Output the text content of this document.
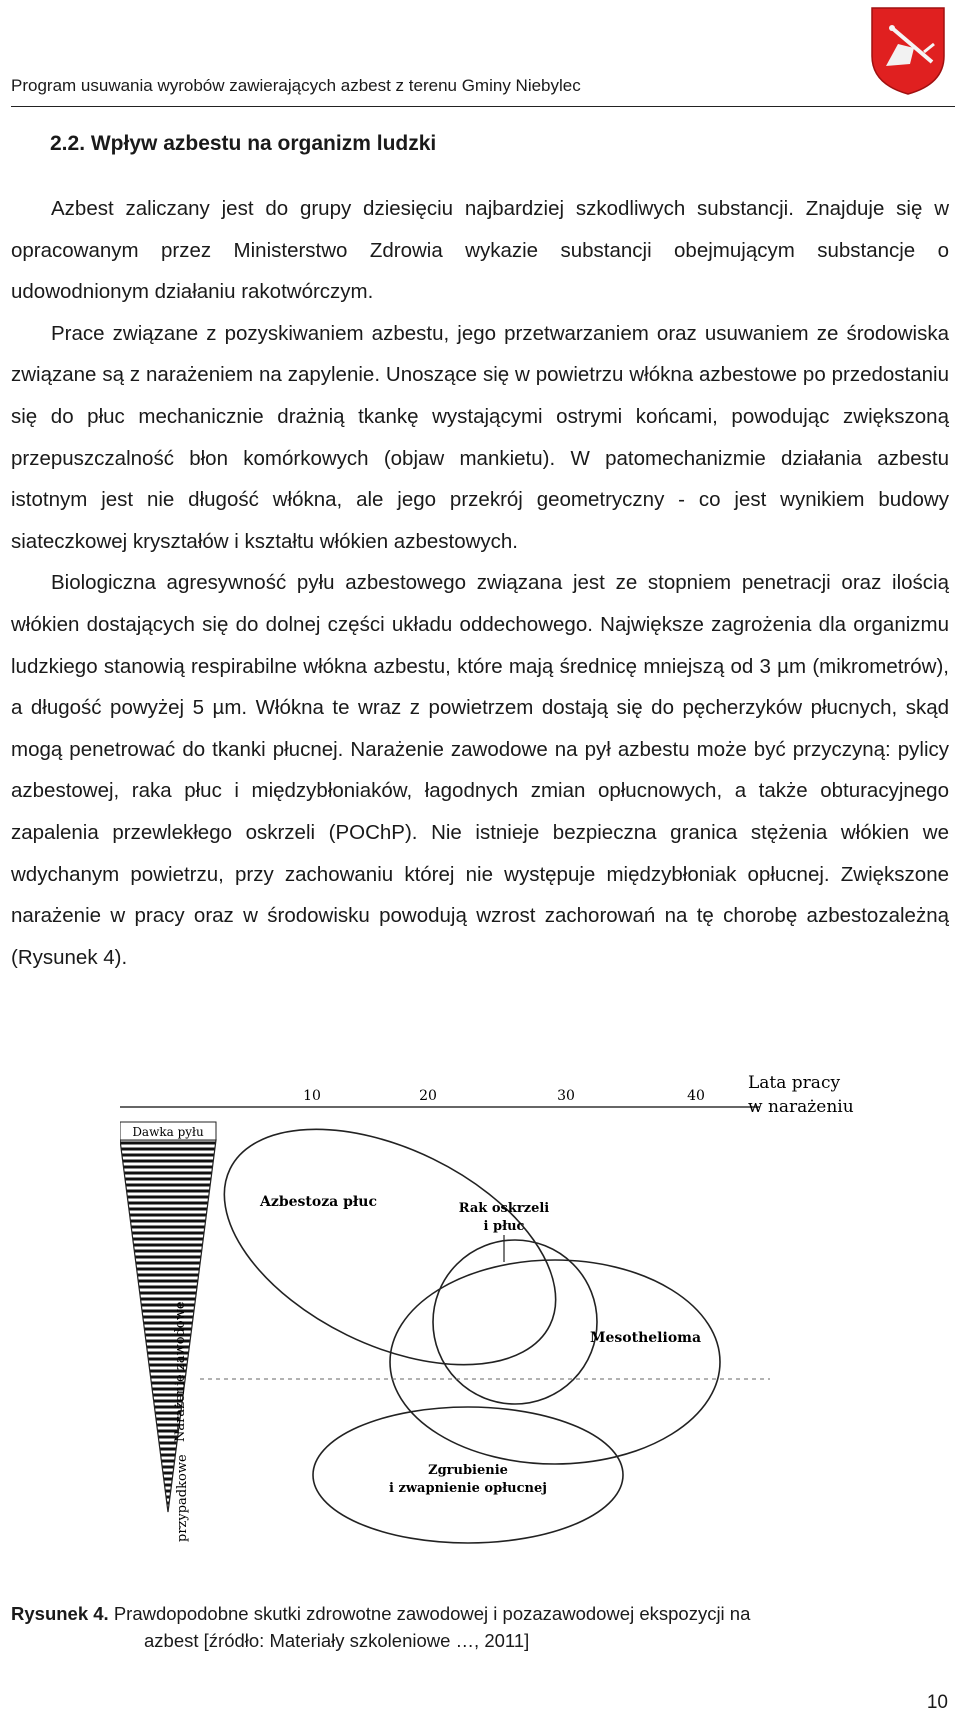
Program usuwania wyrobów zawierających azbest z terenu Gminy Niebylec
2.2. Wpływ azbestu na organizm ludzki

Azbest zaliczany jest do grupy dziesięciu najbardziej szkodliwych substancji. Znajduje się w opracowanym przez Ministerstwo Zdrowia wykazie substancji obejmującym substancje o udowodnionym działaniu rakotwórczym.

Prace związane z pozyskiwaniem azbestu, jego przetwarzaniem oraz usuwaniem ze środowiska związane są z narażeniem na zapylenie. Unoszące się w powietrzu włókna azbestowe po przedostaniu się do płuc mechanicznie drażnią tkankę wystającymi ostrymi końcami, powodując zwiększoną przepuszczalność błon komórkowych (objaw mankietu). W patomechanizmie działania azbestu istotnym jest nie długość włókna, ale jego przekrój geometryczny - co jest wynikiem budowy siateczkowej kryształów i kształtu włókien azbestowych.

Biologiczna agresywność pyłu azbestowego związana jest ze stopniem penetracji oraz ilością włókien dostających się do dolnej części układu oddechowego. Największe zagrożenia dla organizmu ludzkiego stanowią respirabilne włókna azbestu, które mają średnicę mniejszą od 3 µm (mikrometrów), a długość powyżej 5 µm. Włókna te wraz z powietrzem dostają się do pęcherzyków płucnych, skąd mogą penetrować do tkanki płucnej. Narażenie zawodowe na pył azbestu może być przyczyną: pylicy azbestowej, raka płuc i międzybłoniaków, łagodnych zmian opłucnowych, a także obturacyjnego zapalenia przewlekłego oskrzeli (POChP). Nie istnieje bezpieczna granica stężenia włókien we wdychanym powietrzu, przy zachowaniu której nie występuje międzybłoniak opłucnej. Zwiększone narażenie w pracy oraz w środowisku powodują wzrost zachorowań na tę chorobę azbestozależną (Rysunek 4).

10	20	30	40
Lata pracy
w narażeniu
Dawka pyłu
Narażenie zawodowe
przypadkowe
Azbestoza płuc	Rak oskrzeli
i płuc
Mesothelioma
Zgrubienie
i zwapnienie opłucnej
Rysunek 4. Prawdopodobne skutki zdrowotne zawodowej i pozazawodowej ekspozycji na
azbest [źródło: Materiały szkoleniowe …, 2011]
10
